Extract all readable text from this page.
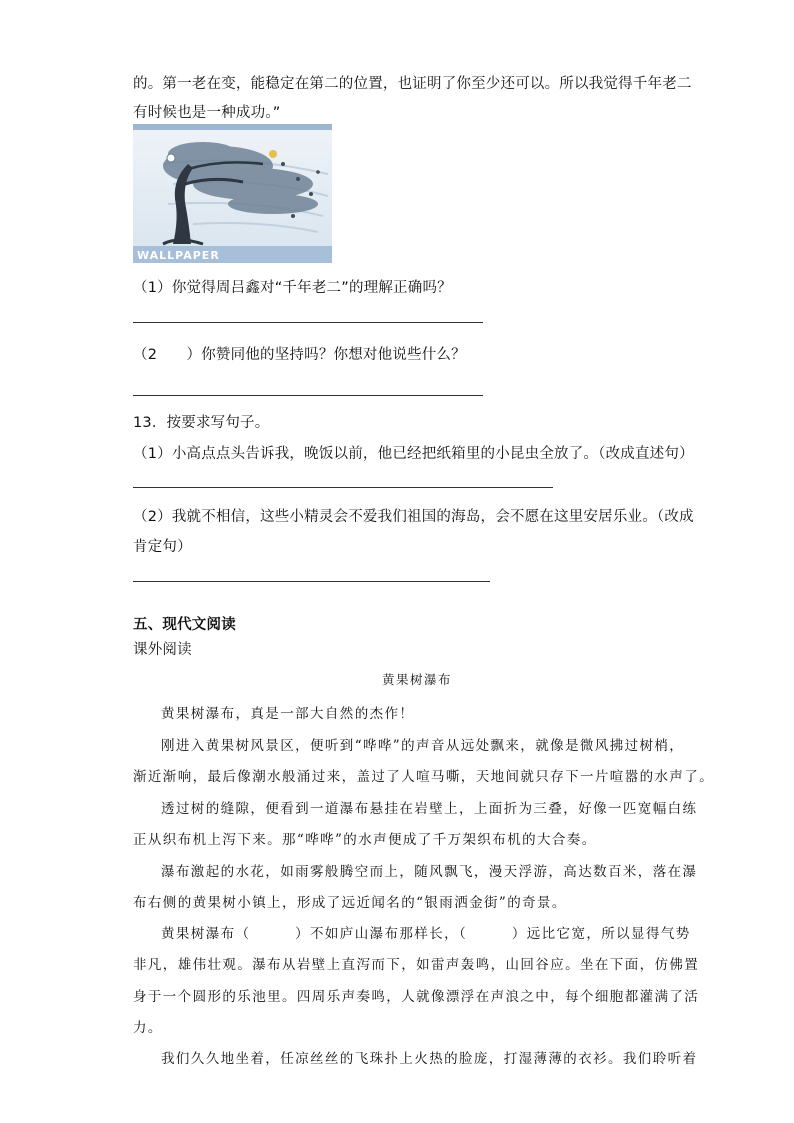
的。第一老在变，能稳定在第二的位置，也证明了你至少还可以。所以我觉得千年老二
有时候也是一种成功。”
WALLPAPER
（1）你觉得周吕鑫对“千年老二”的理解正确吗？
（2　　）你赞同他的坚持吗？你想对他说些什么？
13．按要求写句子。
（1）小高点点头告诉我，晚饭以前，他已经把纸箱里的小昆虫全放了。（改成直述句）
（2）我就不相信，这些小精灵会不爱我们祖国的海岛，会不愿在这里安居乐业。（改成
肯定句）
五、现代文阅读
课外阅读
黄果树瀑布
黄果树瀑布，真是一部大自然的杰作！
刚进入黄果树风景区，便听到“哗哗”的声音从远处飘来，就像是微风拂过树梢，
渐近渐响，最后像潮水般涌过来，盖过了人喧马嘶，天地间就只存下一片喧嚣的水声了。
透过树的缝隙，便看到一道瀑布悬挂在岩壁上，上面折为三叠，好像一匹宽幅白练
正从织布机上泻下来。那“哗哗”的水声便成了千万架织布机的大合奏。
瀑布激起的水花，如雨雾般腾空而上，随风飘飞，漫天浮游，高达数百米，落在瀑
布右侧的黄果树小镇上，形成了远近闻名的“银雨洒金街”的奇景。
黄果树瀑布（　　　）不如庐山瀑布那样长，（　　　）远比它宽，所以显得气势
非凡，雄伟壮观。瀑布从岩壁上直泻而下，如雷声轰鸣，山回谷应。坐在下面，仿佛置
身于一个圆形的乐池里。四周乐声奏鸣，人就像漂浮在声浪之中，每个细胞都灌满了活
力。
我们久久地坐着，任凉丝丝的飞珠扑上火热的脸庞，打湿薄薄的衣衫。我们聆听着
